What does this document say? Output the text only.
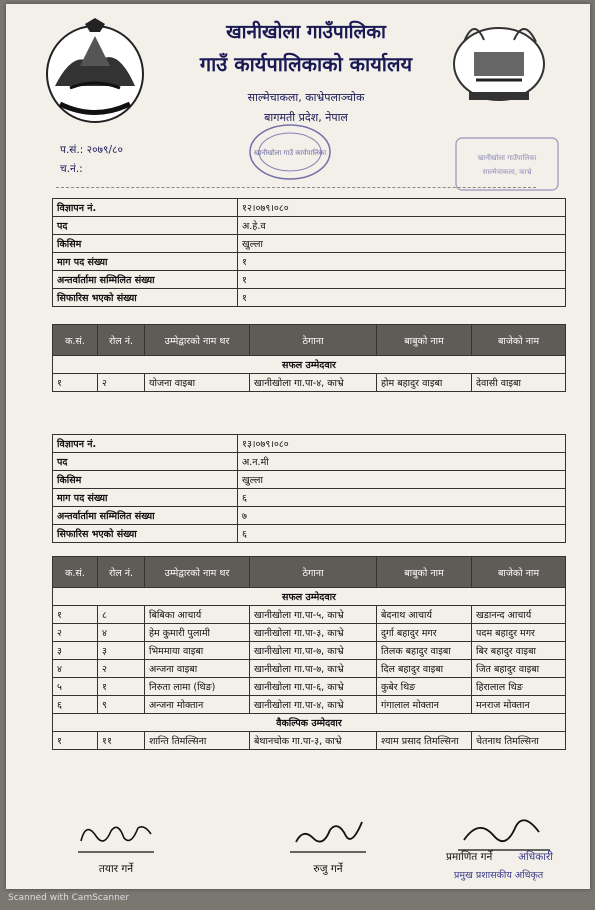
खानीखोला गाउँपालिका
गाउँ कार्यपालिकाको कार्यालय
साल्मेचाकला, काभ्रेपलाञ्चोक
बागमती प्रदेश, नेपाल
प.सं.: २०७९/८०
च.नं.:
खानीखोला गाउँ कार्यपालिका
खानीखोला गाउँपालिका
साल्मेचाकला, काभ्रे
विज्ञापन नं.	१२।०७९।०८०
पद	अ.हे.व
किसिम	खुल्ला
माग पद संख्या	१
अन्तर्वार्तामा सम्मिलित संख्या	१
सिफारिस भएको संख्या	१
क.सं.	रोल नं.	उम्मेद्वारको नाम थर	ठेगाना	बाबुको नाम	बाजेको नाम
सफल उम्मेदवार					
१	२	योजना वाइबा	खानीखोला गा.पा-४, काभ्रे	होम बहादुर वाइबा	देवासी वाइबा
विज्ञापन नं.	१३।०७९।०८०
पद	अ.न.मी
किसिम	खुल्ला
माग पद संख्या	६
अन्तर्वार्तामा सम्मिलित संख्या	७
सिफारिस भएको संख्या	६
क.सं.	रोल नं.	उम्मेद्वारको नाम थर	ठेगाना	बाबुको नाम	बाजेको नाम
सफल उम्मेदवार					
१	८	बिबिका आचार्य	खानीखोला गा.पा-५, काभ्रे	बेदनाथ आचार्य	खडानन्द आचार्य
२	४	हेम कुमारी पुलामी	खानीखोला गा.पा-३, काभ्रे	दुर्गा बहादुर मगर	पदम बहादुर मगर
३	३	भिममाया वाइबा	खानीखोला गा.पा-७, काभ्रे	तिलक बहादुर वाइबा	बिर बहादुर वाइबा
४	२	अन्जना वाइबा	खानीखोला गा.पा-७, काभ्रे	दिल बहादुर वाइबा	जित बहादुर वाइबा
५	१	निरुता लामा (थिङ)	खानीखोला गा.पा-६, काभ्रे	कुबेर थिङ	हिरालाल थिङ
६	९	अन्जना मोक्तान	खानीखोला गा.पा-४, काभ्रे	गंगालाल मोक्तान	मनराज मोक्तान
वैकल्पिक उम्मेदवार					
१	११	शान्ति तिमल्सिना	बेथानचोक गा.पा-३, काभ्रे	श्याम प्रसाद तिमल्सिना	चेतनाथ तिमल्सिना
तयार गर्ने	रुजु गर्ने
प्रमाणित गर्ने	अधिकारी
प्रमुख प्रशासकीय अधिकृत
Scanned with CamScanner
